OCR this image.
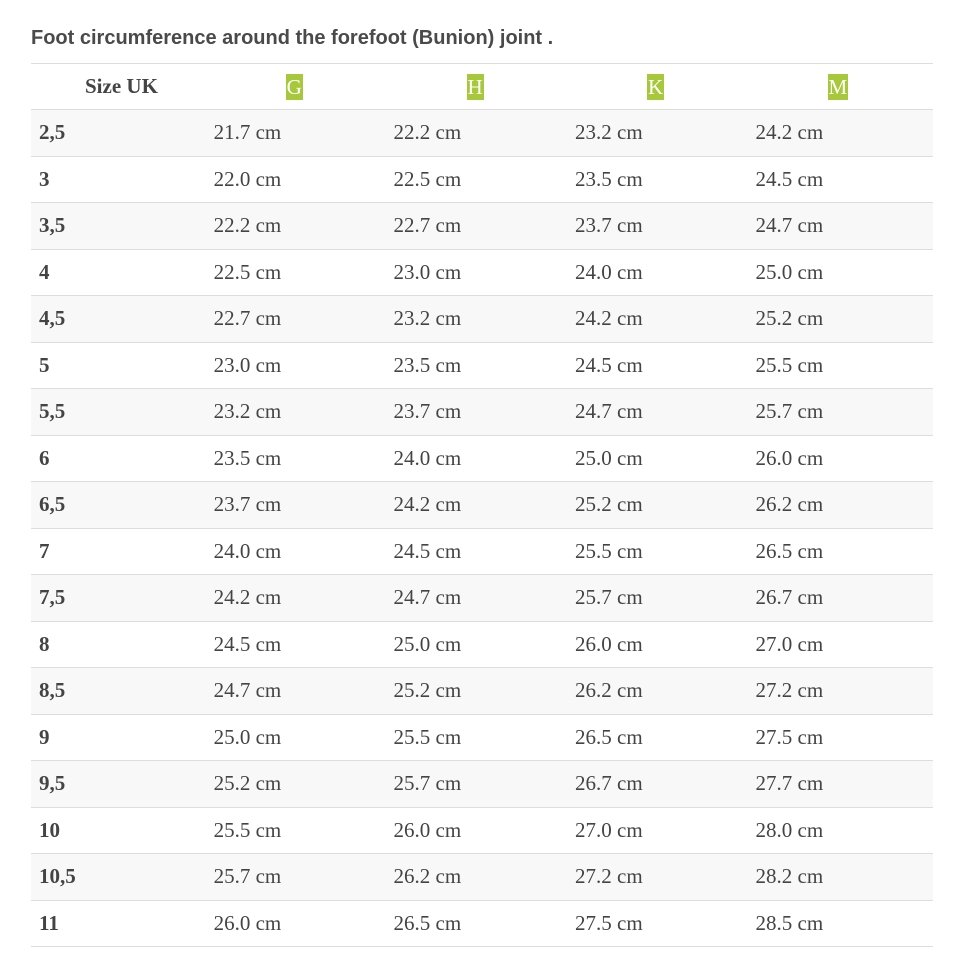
Foot circumference around the forefoot (Bunion) joint .
Size UK	G	H	K	M
2,5	21.7 cm	22.2 cm	23.2 cm	24.2 cm
3	22.0 cm	22.5 cm	23.5 cm	24.5 cm
3,5	22.2 cm	22.7 cm	23.7 cm	24.7 cm
4	22.5 cm	23.0 cm	24.0 cm	25.0 cm
4,5	22.7 cm	23.2 cm	24.2 cm	25.2 cm
5	23.0 cm	23.5 cm	24.5 cm	25.5 cm
5,5	23.2 cm	23.7 cm	24.7 cm	25.7 cm
6	23.5 cm	24.0 cm	25.0 cm	26.0 cm
6,5	23.7 cm	24.2 cm	25.2 cm	26.2 cm
7	24.0 cm	24.5 cm	25.5 cm	26.5 cm
7,5	24.2 cm	24.7 cm	25.7 cm	26.7 cm
8	24.5 cm	25.0 cm	26.0 cm	27.0 cm
8,5	24.7 cm	25.2 cm	26.2 cm	27.2 cm
9	25.0 cm	25.5 cm	26.5 cm	27.5 cm
9,5	25.2 cm	25.7 cm	26.7 cm	27.7 cm
10	25.5 cm	26.0 cm	27.0 cm	28.0 cm
10,5	25.7 cm	26.2 cm	27.2 cm	28.2 cm
11	26.0 cm	26.5 cm	27.5 cm	28.5 cm
